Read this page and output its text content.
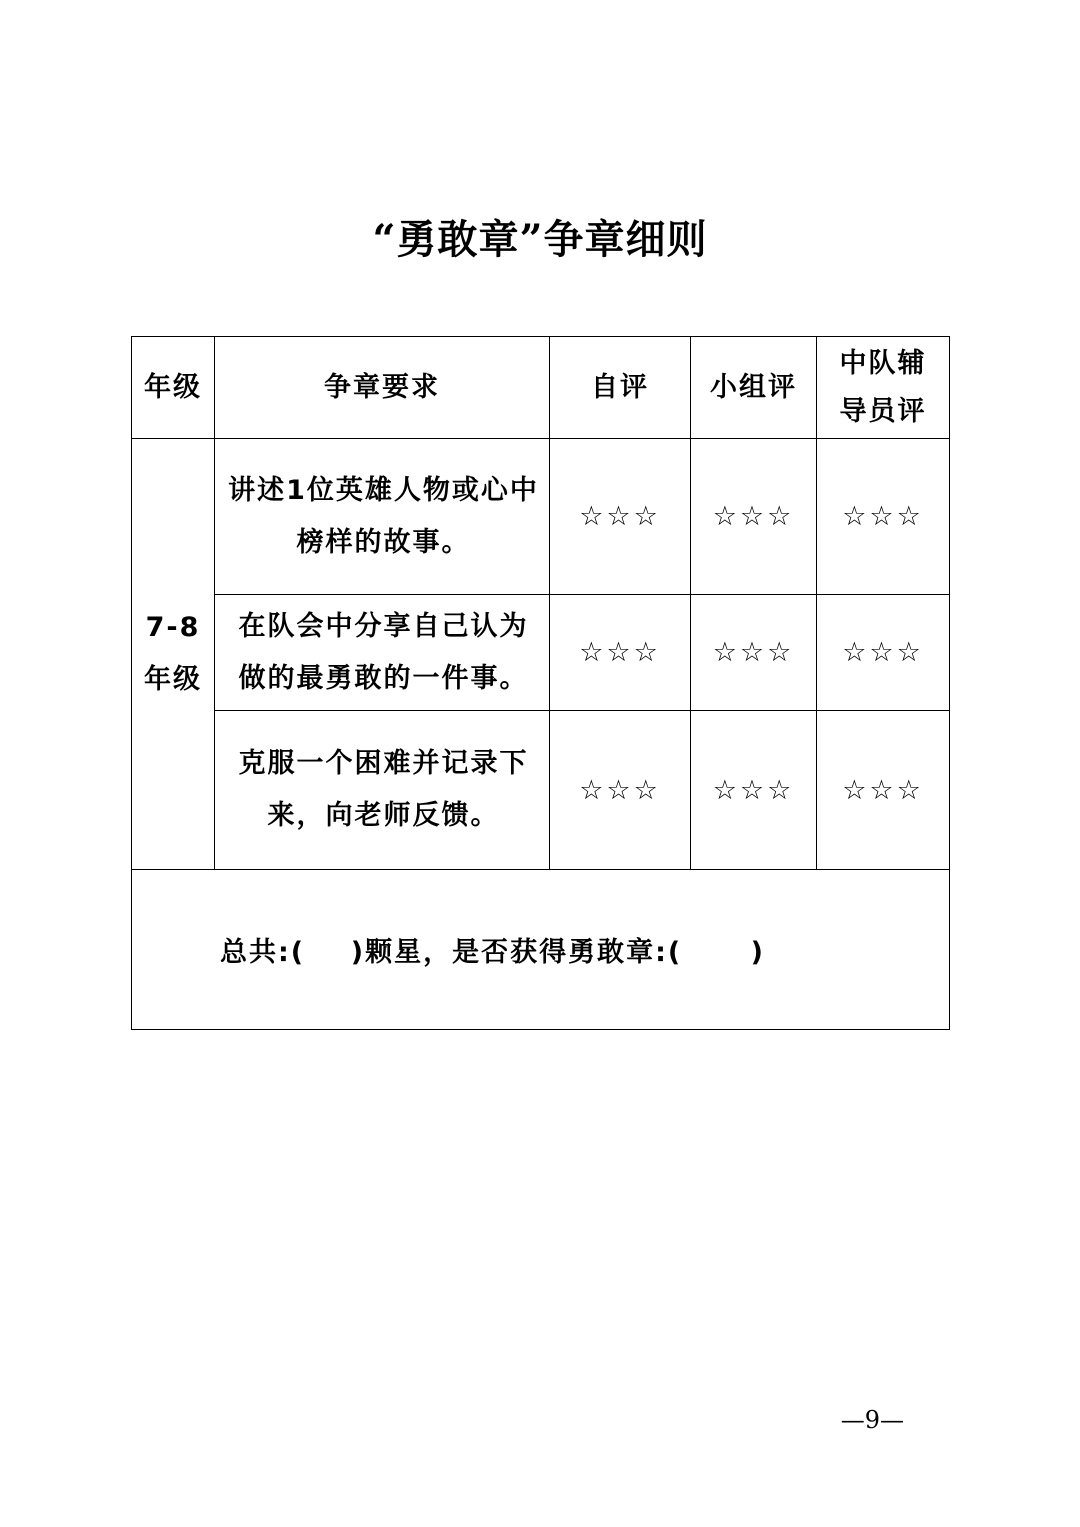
“勇敢章”争章细则
年级	争章要求	自评	小组评	中队辅导员评

7-8
年级	讲述1位英雄人物或心中榜样的故事。	☆☆☆	☆☆☆	☆☆☆
	在队会中分享自己认为做的最勇敢的一件事。	☆☆☆	☆☆☆	☆☆☆
	克服一个困难并记录下来，向老师反馈。	☆☆☆	☆☆☆	☆☆☆
总共:(    )颗星，是否获得勇敢章:(      )				
—9—
